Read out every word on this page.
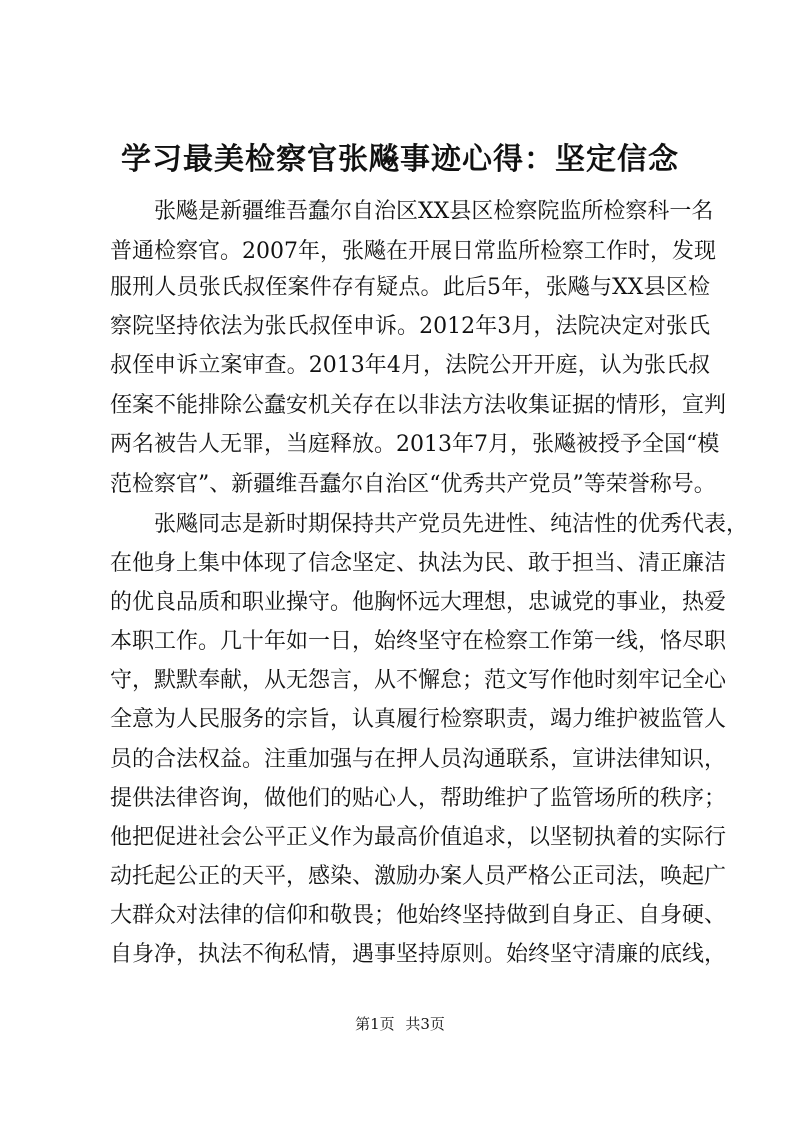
学习最美检察官张飚事迹心得：坚定信念
张飚是新疆维吾蠢尔自治区XX县区检察院监所检察科一名
普通检察官。2007年，张飚在开展日常监所检察工作时，发现
服刑人员张氏叔侄案件存有疑点。此后5年，张飚与XX县区检
察院坚持依法为张氏叔侄申诉。2012年3月，法院决定对张氏
叔侄申诉立案审查。2013年4月，法院公开开庭，认为张氏叔
侄案不能排除公蠢安机关存在以非法方法收集证据的情形，宣判
两名被告人无罪，当庭释放。2013年7月，张飚被授予全国“模
范检察官”、新疆维吾蠢尔自治区“优秀共产党员”等荣誉称号。
张飚同志是新时期保持共产党员先进性、纯洁性的优秀代表，
在他身上集中体现了信念坚定、执法为民、敢于担当、清正廉洁
的优良品质和职业操守。他胸怀远大理想，忠诚党的事业，热爱
本职工作。几十年如一日，始终坚守在检察工作第一线，恪尽职
守，默默奉献，从无怨言，从不懈怠；范文写作他时刻牢记全心
全意为人民服务的宗旨，认真履行检察职责，竭力维护被监管人
员的合法权益。注重加强与在押人员沟通联系，宣讲法律知识，
提供法律咨询，做他们的贴心人，帮助维护了监管场所的秩序；
他把促进社会公平正义作为最高价值追求，以坚韧执着的实际行
动托起公正的天平，感染、激励办案人员严格公正司法，唤起广
大群众对法律的信仰和敬畏；他始终坚持做到自身正、自身硬、
自身净，执法不徇私情，遇事坚持原则。始终坚守清廉的底线，
第1页 共3页
